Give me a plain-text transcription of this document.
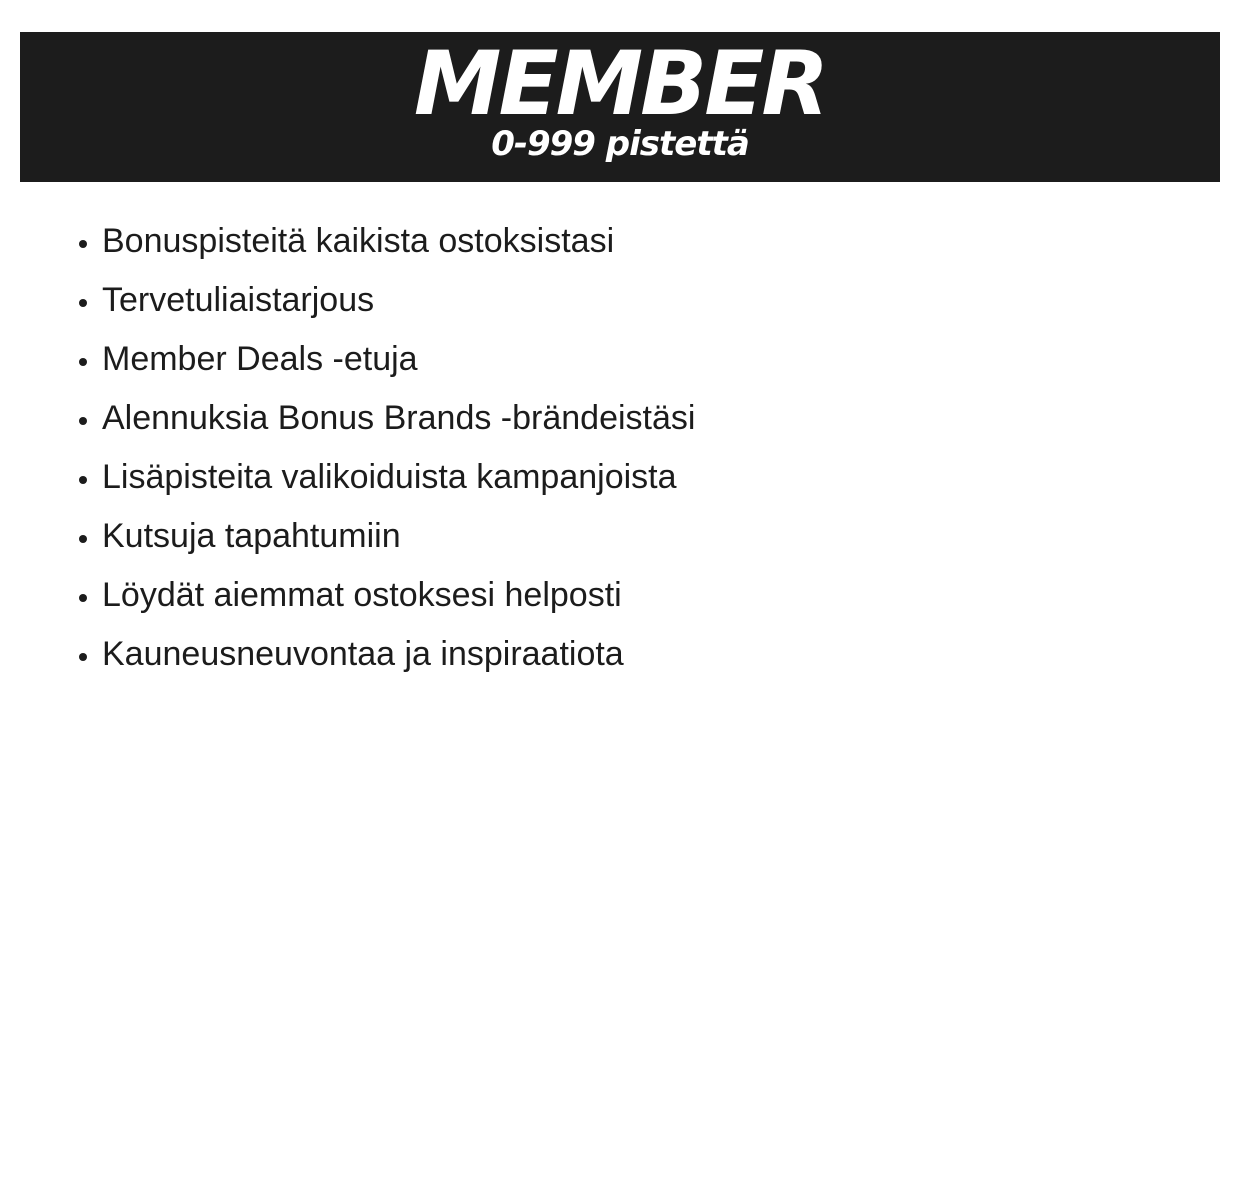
MEMBER

0-999 pistettä

• Bonuspisteitä kaikista ostoksistasi
• Tervetuliaistarjous
• Member Deals -etuja
• Alennuksia Bonus Brands -brändeistäsi
• Lisäpisteita valikoiduista kampanjoista
• Kutsuja tapahtumiin
• Löydät aiemmat ostoksesi helposti
• Kauneusneuvontaa ja inspiraatiota
